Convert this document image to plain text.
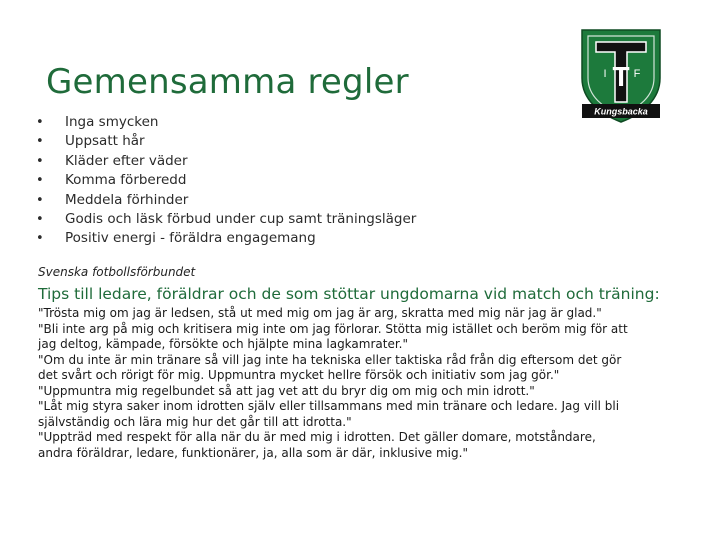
Gemensamma regler	I T F
Kungsbacka
• Inga smycken
• Uppsatt hår
• Kläder efter väder
• Komma förberedd
• Meddela förhinder
• Godis och läsk förbud under cup samt träningsläger
• Positiv energi - föräldra engagemang
Svenska fotbollsförbundet
Tips till ledare, föräldrar och de som stöttar ungdomarna vid match och träning:

"Trösta mig om jag är ledsen, stå ut med mig om jag är arg, skratta med mig när jag är glad."

"Bli inte arg på mig och kritisera mig inte om jag förlorar. Stötta mig istället och beröm mig för att jag deltog, kämpade, försökte och hjälpte mina lagkamrater."

"Om du inte är min tränare så vill jag inte ha tekniska eller taktiska råd från dig eftersom det gör det svårt och rörigt för mig. Uppmuntra mycket hellre försök och initiativ som jag gör."

"Uppmuntra mig regelbundet så att jag vet att du bryr dig om mig och min idrott."

"Låt mig styra saker inom idrotten själv eller tillsammans med min tränare och ledare. Jag vill bli självständig och lära mig hur det går till att idrotta."

"Uppträd med respekt för alla när du är med mig i idrotten. Det gäller domare, motståndare, andra föräldrar, ledare, funktionärer, ja, alla som är där, inklusive mig."
